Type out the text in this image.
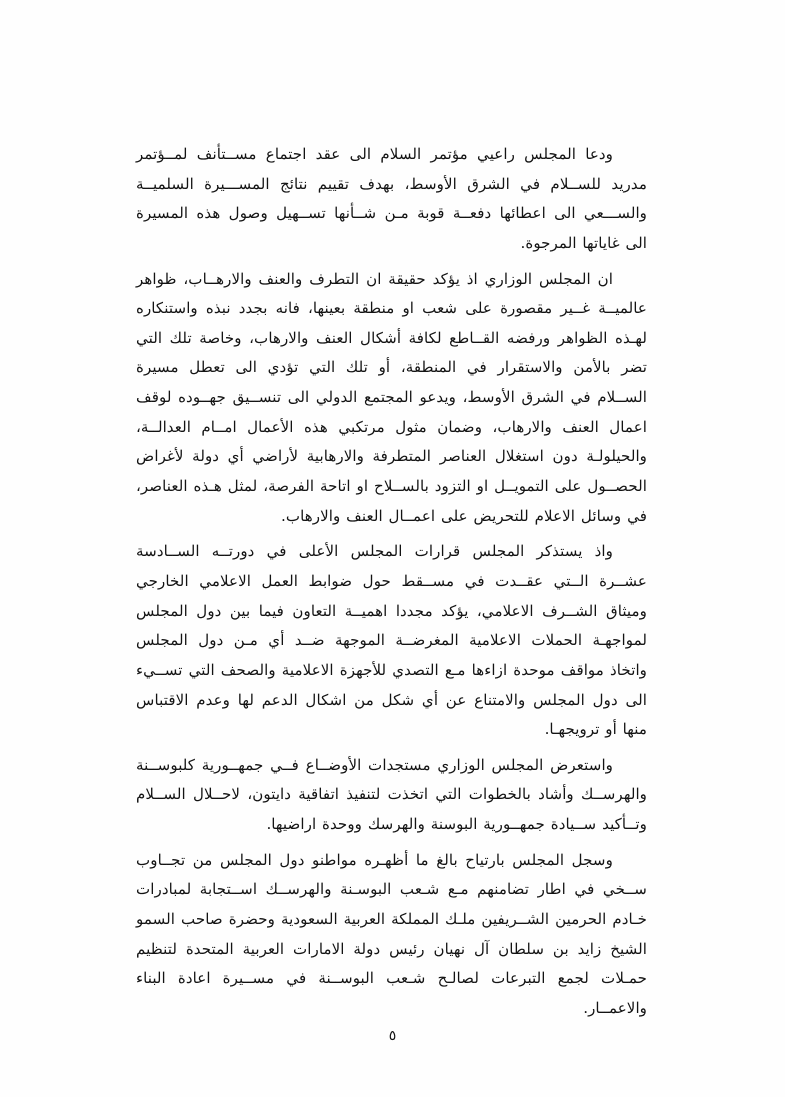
ودعا المجلس راعيي مؤتمر السلام الى عقد اجتماع مســتأنف لمــؤتمر مدريد للســلام في الشرق الأوسط، بهدف تقييم نتائج المســـيرة السلميــة والســـعي الى اعطائها دفعــة قوبة مـن شــأنها تســهيل وصول هذه المسيرة الى غاياتها المرجوة.

ان المجلس الوزاري اذ يؤكد حقيقة ان التطرف والعنف والارهــاب، ظواهر عالميــة غــير مقصورة على شعب او منطقة بعينها، فانه بجدد نبذه واستنكاره لهـذه الظواهر ورفضه القــاطع لكافة أشكال العنف والارهاب، وخاصة تلك التي تضر بالأمن والاستقرار في المنطقة، أو تلك التي تؤدي الى تعطل مسيرة الســلام في الشرق الأوسط، ويدعو المجتمع الدولي الى تنســيق جهــوده لوقف اعمال العنف والارهاب، وضمان مثول مرتكبي هذه الأعمال امــام العدالــة، والحيلولـة دون استغلال العناصر المتطرفة والارهابية لأراضي أي دولة لأغراض الحصــول على التمويــل او التزود بالســلاح او اتاحة الفرصة، لمثل هـذه العناصر، في وسائل الاعلام للتحريض على اعمــال العنف والارهاب.

واذ يستذكر المجلس قرارات المجلس الأعلى في دورتــه الســادسة عشــرة الــتي عقــدت في مســقط حول ضوابط العمل الاعلامي الخارجي وميثاق الشــرف الاعلامي، يؤكد مجددا اهميــة التعاون فيما بين دول المجلس لمواجهـة الحملات الاعلامية المغرضــة الموجهة ضــد أي مـن دول المجلس واتخاذ مواقف موحدة ازاءها مـع التصدي للأجهزة الاعلامية والصحف التي تســيء الى دول المجلس والامتناع عن أي شكل من اشكال الدعم لها وعدم الاقتباس منها أو ترويجهـا.

واستعرض المجلس الوزاري مستجدات الأوضــاع فــي جمهــورية كلبوســنة والهرســك وأشاد بالخطوات التي اتخذت لتنفيذ اتفاقية دايتون، لاحــلال الســلام وتــأكيد ســيادة جمهــورية البوسنة والهرسك ووحدة اراضيها.

وسجل المجلس بارتياح بالغ ما أظهـره مواطنو دول المجلس من تجــاوب ســخي في اطار تضامنهم مـع شـعب البوسـنة والهرســك اســتجابة لمبادرات خـادم الحرمين الشــريفين ملـك المملكة العربية السعودية وحضرة صاحب السمو الشيخ زايد بن سلطان آل نهيان رئيس دولة الامارات العربية المتحدة لتنظيم حمـلات لجمع التبرعات لصالـح شـعب البوســنة في مســيرة اعادة البناء والاعمــار.

٥
